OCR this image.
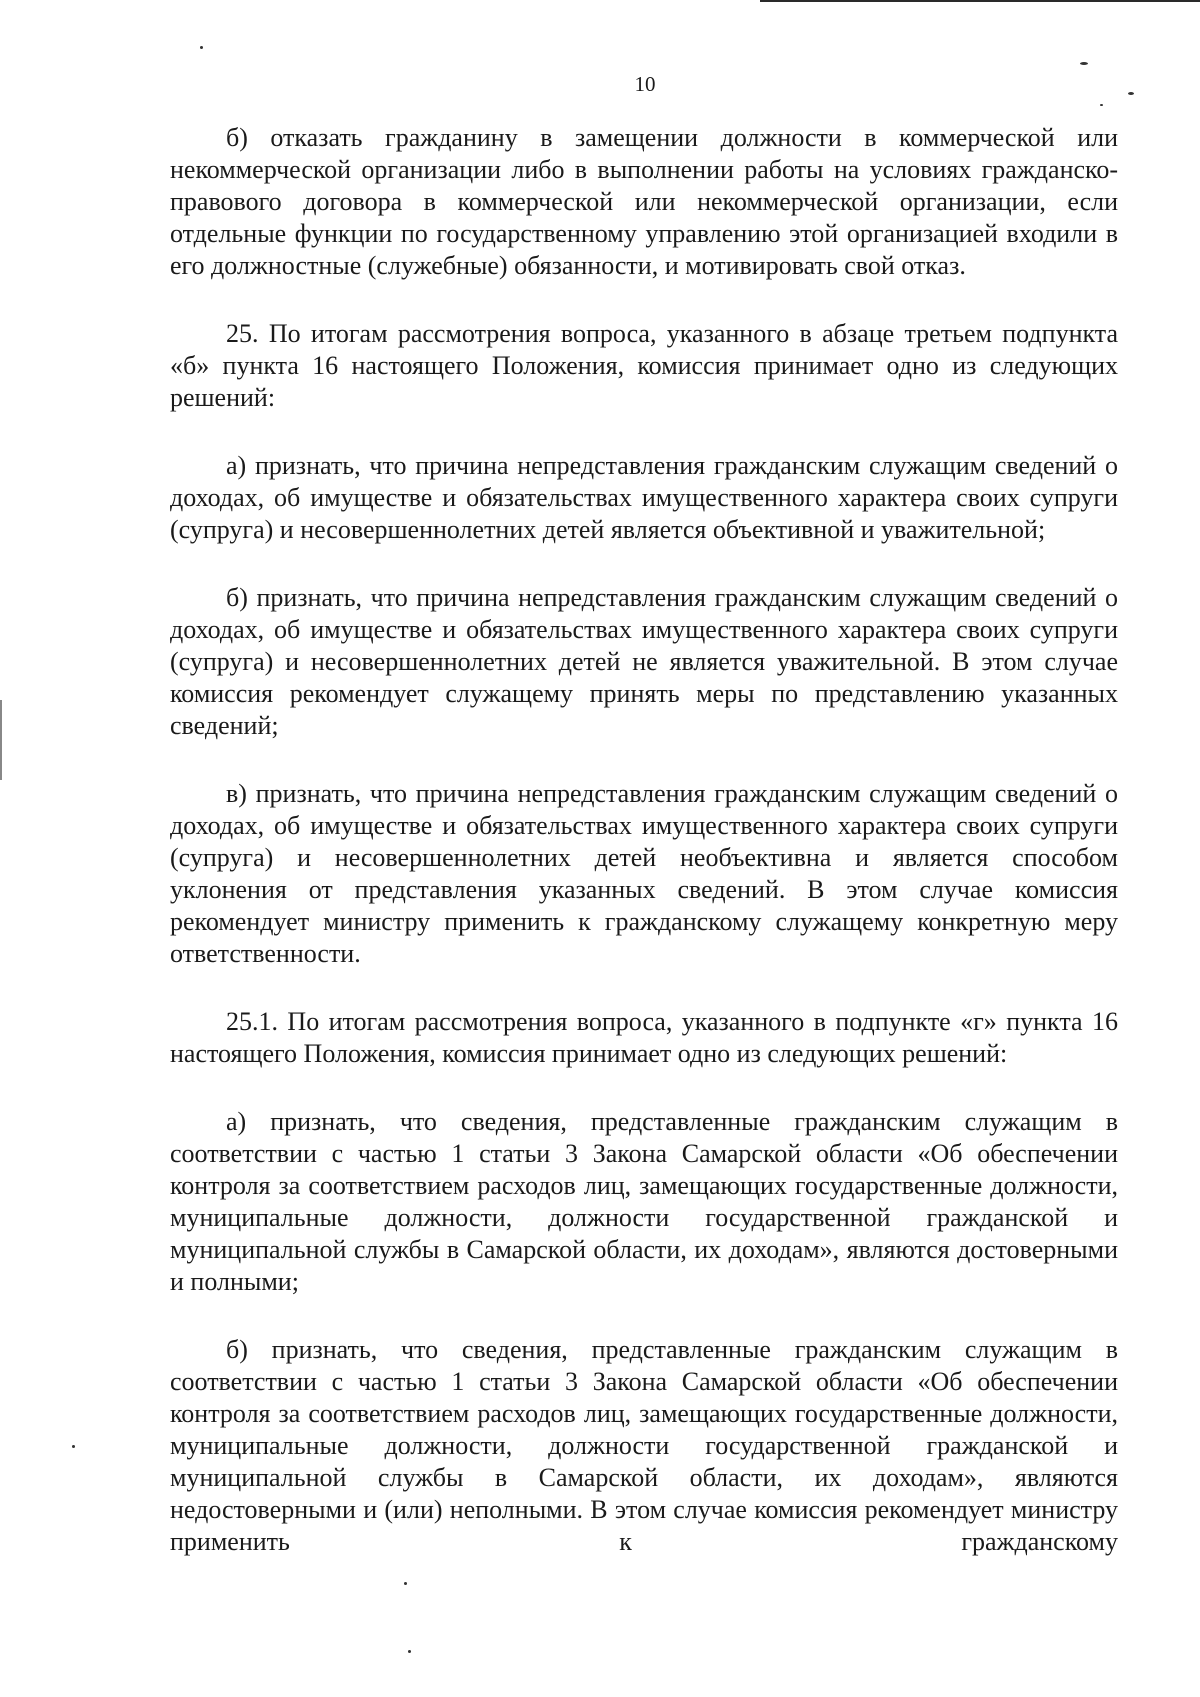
10

б) отказать гражданину в замещении должности в коммерческой или некоммерческой организации либо в выполнении работы на условиях гражданско-правового договора в коммерческой или некоммерческой организации, если отдельные функции по государственному управлению этой организацией входили в его должностные (служебные) обязанности, и мотивировать свой отказ.

25. По итогам рассмотрения вопроса, указанного в абзаце третьем подпункта «б» пункта 16 настоящего Положения, комиссия принимает одно из следующих решений:

а) признать, что причина непредставления гражданским служащим сведений о доходах, об имуществе и обязательствах имущественного характера своих супруги (супруга) и несовершеннолетних детей является объективной и уважительной;

б) признать, что причина непредставления гражданским служащим сведений о доходах, об имуществе и обязательствах имущественного характера своих супруги (супруга) и несовершеннолетних детей не является уважительной. В этом случае комиссия рекомендует служащему принять меры по представлению указанных сведений;

в) признать, что причина непредставления гражданским служащим сведений о доходах, об имуществе и обязательствах имущественного характера своих супруги (супруга) и несовершеннолетних детей необъективна и является способом уклонения от представления указанных сведений. В этом случае комиссия рекомендует министру применить к гражданскому служащему конкретную меру ответственности.

25.1. По итогам рассмотрения вопроса, указанного в подпункте «г» пункта 16 настоящего Положения, комиссия принимает одно из следующих решений:

а) признать, что сведения, представленные гражданским служащим в соответствии с частью 1 статьи 3 Закона Самарской области «Об обеспечении контроля за соответствием расходов лиц, замещающих государственные должности, муниципальные должности, должности государственной гражданской и муниципальной службы в Самарской области, их доходам», являются достоверными и полными;

б) признать, что сведения, представленные гражданским служащим в соответствии с частью 1 статьи 3 Закона Самарской области «Об обеспечении контроля за соответствием расходов лиц, замещающих государственные должности, муниципальные должности, должности государственной гражданской и муниципальной службы в Самарской области, их доходам», являются недостоверными и (или) неполными. В этом случае комиссия рекомендует министру применить к гражданскому
